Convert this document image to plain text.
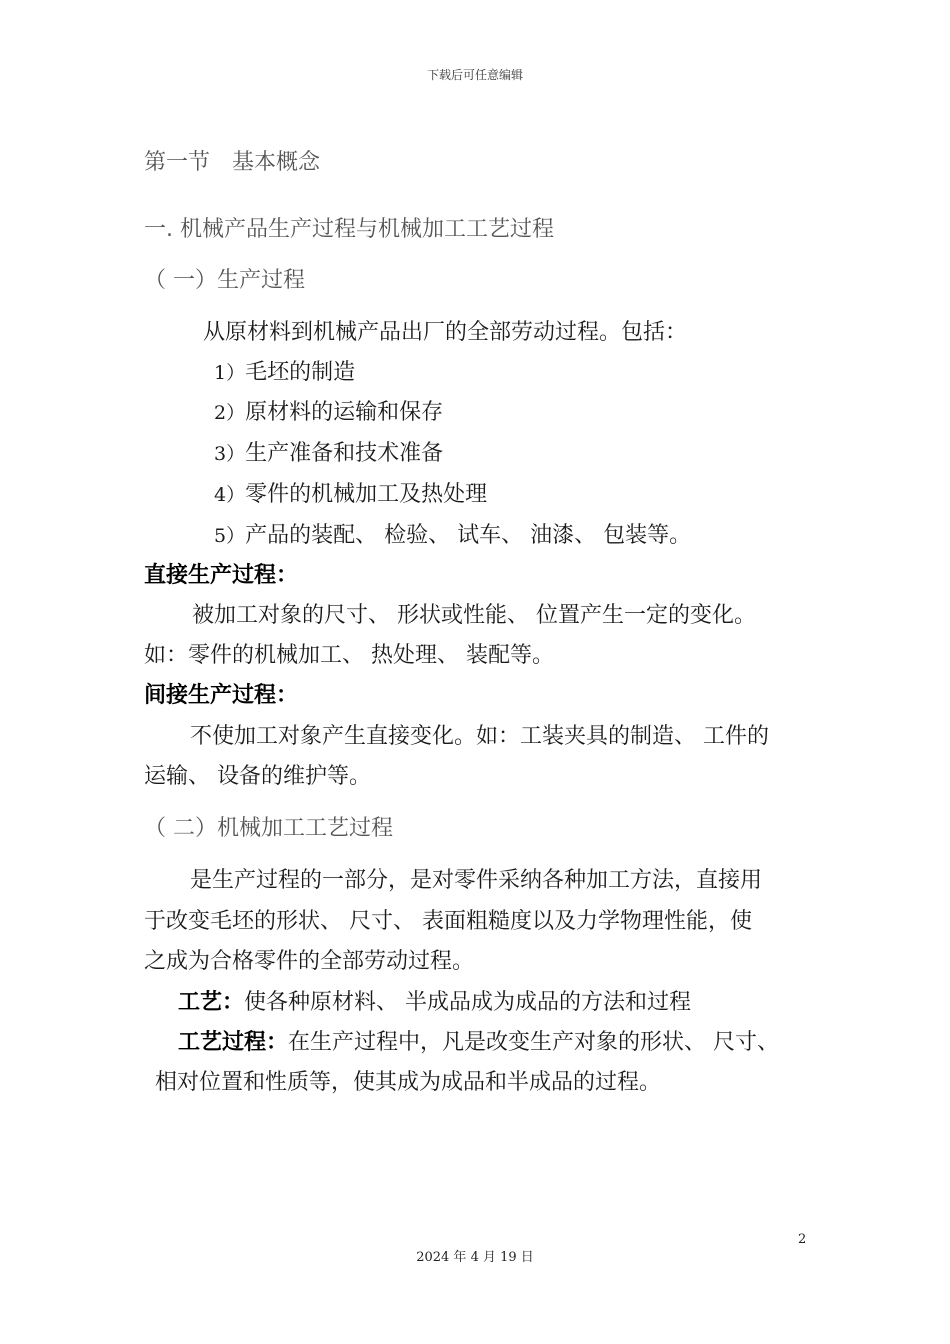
下载后可任意编辑
第一节　基本概念
一. 机械产品生产过程与机械加工工艺过程
（ 一）生产过程
从原材料到机械产品出厂的全部劳动过程。包括：
1）毛坯的制造
2）原材料的运输和保存
3）生产准备和技术准备
4）零件的机械加工及热处理
5）产品的装配、 检验、 试车、 油漆、 包装等。
直接生产过程：
被加工对象的尺寸、 形状或性能、 位置产生一定的变化。
如：零件的机械加工、 热处理、 装配等。
间接生产过程：
不使加工对象产生直接变化。如：工装夹具的制造、 工件的
运输、 设备的维护等。
（ 二）机械加工工艺过程
是生产过程的一部分，是对零件采纳各种加工方法，直接用
于改变毛坯的形状、 尺寸、 表面粗糙度以及力学物理性能，使
之成为合格零件的全部劳动过程。
工艺：使各种原材料、 半成品成为成品的方法和过程
工艺过程：在生产过程中，凡是改变生产对象的形状、 尺寸、
相对位置和性质等，使其成为成品和半成品的过程。
2
2024 年 4 月 19 日
